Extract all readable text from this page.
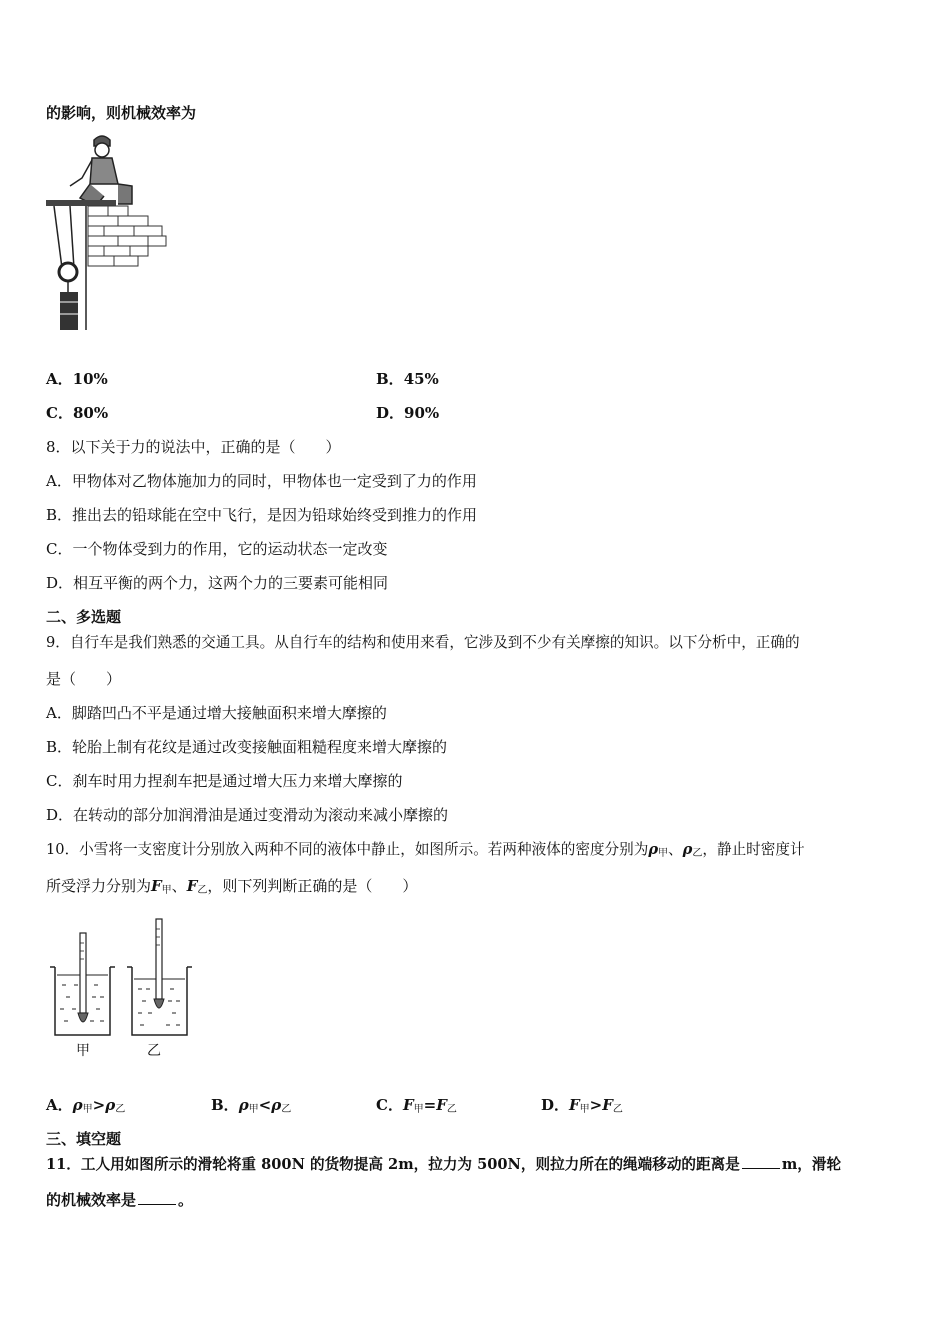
的影响，则机械效率为
A．10%	B．45%
C．80%	D．90%
8．以下关于力的说法中，正确的是（　　）
A．甲物体对乙物体施加力的同时，甲物体也一定受到了力的作用
B．推出去的铅球能在空中飞行，是因为铅球始终受到推力的作用
C．一个物体受到力的作用，它的运动状态一定改变
D．相互平衡的两个力，这两个力的三要素可能相同
二、多选题
9．自行车是我们熟悉的交通工具。从自行车的结构和使用来看，它涉及到不少有关摩擦的知识。以下分析中，正确的
是（　　）
A．脚踏凹凸不平是通过增大接触面积来增大摩擦的
B．轮胎上制有花纹是通过改变接触面粗糙程度来增大摩擦的
C．刹车时用力捏刹车把是通过增大压力来增大摩擦的
D．在转动的部分加润滑油是通过变滑动为滚动来减小摩擦的
10．小雪将一支密度计分别放入两种不同的液体中静止，如图所示。若两种液体的密度分别为$\rho_甲$、$\rho_乙$，静止时密度计
所受浮力分别为$F_甲$、$F_乙$，则下列判断正确的是（　　）
甲	乙
A．$\rho_甲>\rho_乙$	B．$\rho_甲<\rho_乙$	C．$F_甲=F_乙$	D．$F_甲>F_乙$
三、填空题
11．工人用如图所示的滑轮将重 800N 的货物提高 2m，拉力为 500N，则拉力所在的绳端移动的距离是	m，滑轮
的机械效率是	。
